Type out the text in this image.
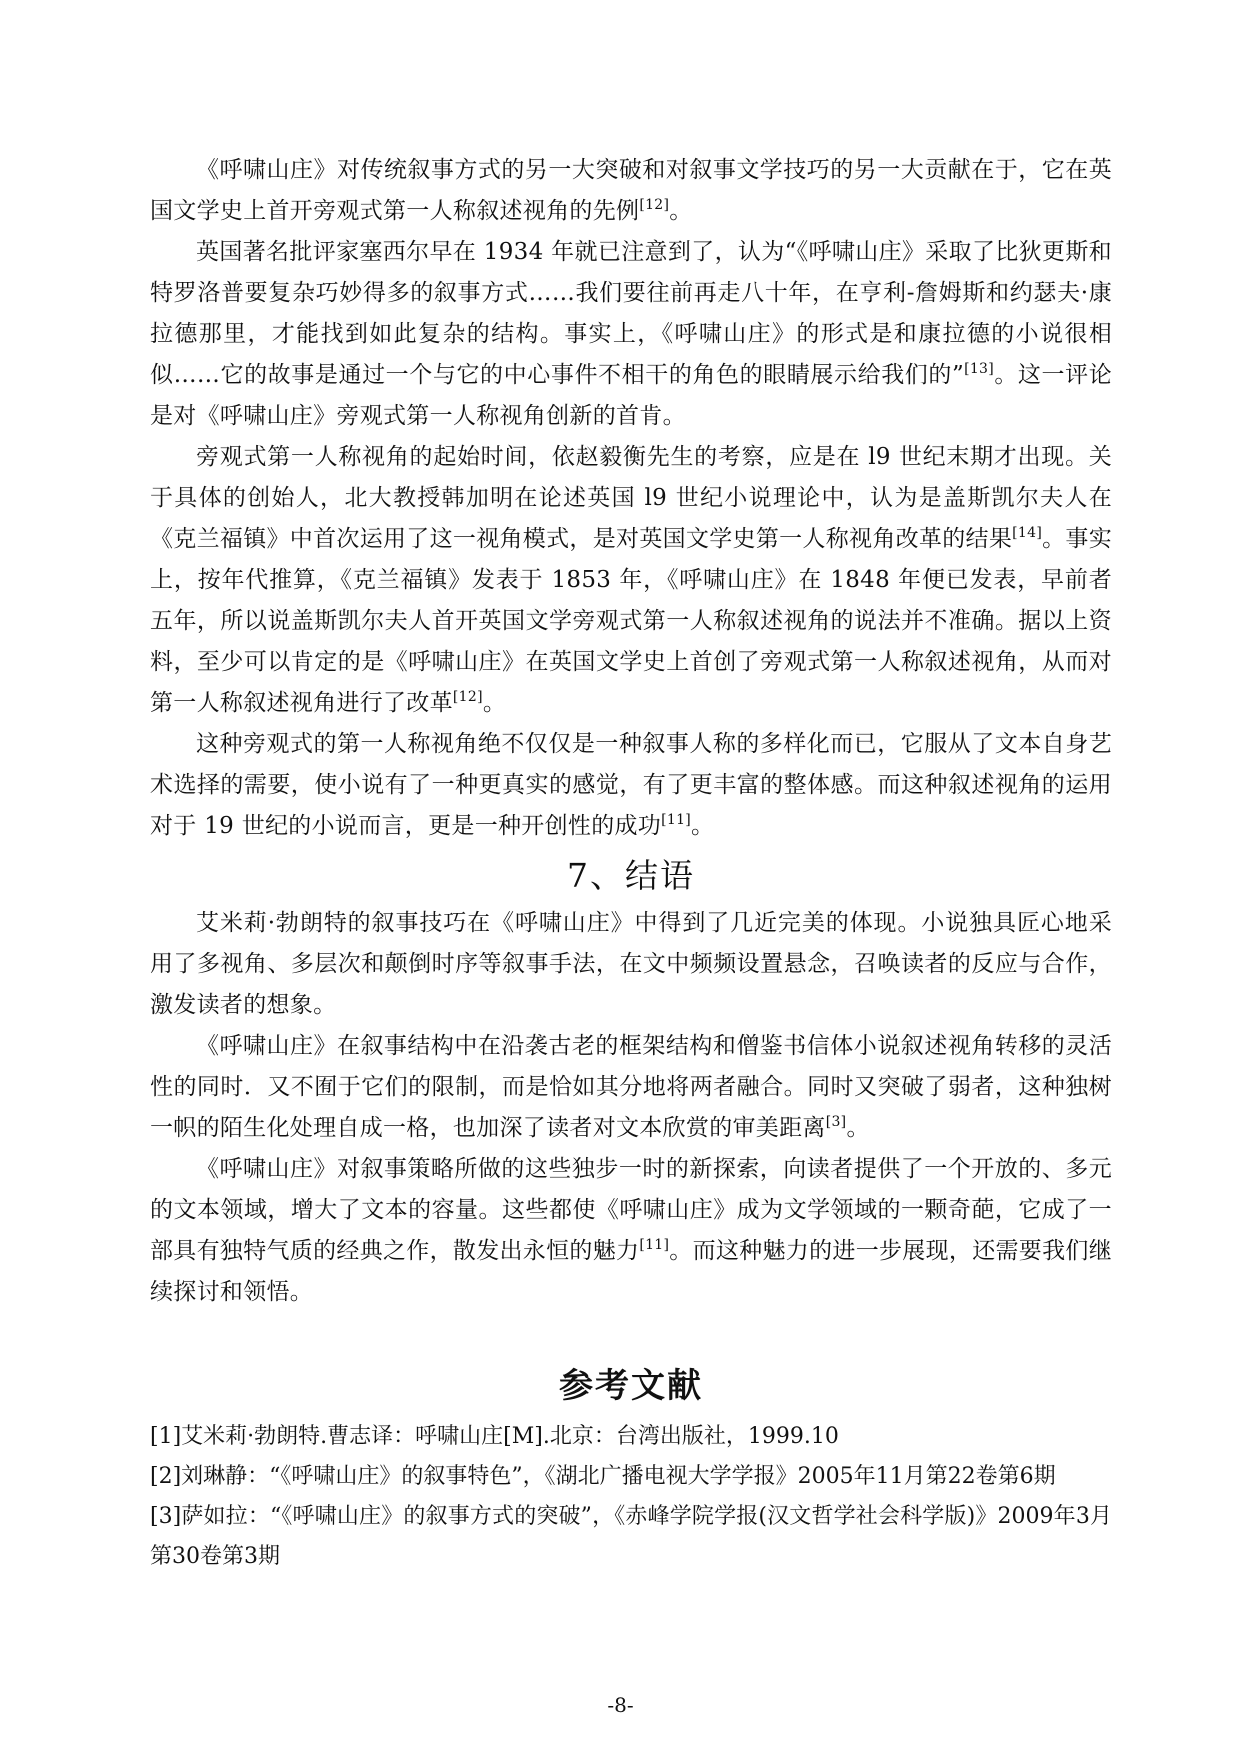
《呼啸山庄》对传统叙事方式的另一大突破和对叙事文学技巧的另一大贡献在于，它在英国文学史上首开旁观式第一人称叙述视角的先例[12]。

英国著名批评家塞西尔早在 1934 年就已注意到了，认为“《呼啸山庄》采取了比狄更斯和特罗洛普要复杂巧妙得多的叙事方式……我们要往前再走八十年，在亨利-詹姆斯和约瑟夫·康拉德那里，才能找到如此复杂的结构。事实上，《呼啸山庄》的形式是和康拉德的小说很相似……它的故事是通过一个与它的中心事件不相干的角色的眼睛展示给我们的”[13]。这一评论是对《呼啸山庄》旁观式第一人称视角创新的首肯。

旁观式第一人称视角的起始时间，依赵毅衡先生的考察，应是在 l9 世纪末期才出现。关于具体的创始人，北大教授韩加明在论述英国 l9 世纪小说理论中，认为是盖斯凯尔夫人在《克兰福镇》中首次运用了这一视角模式，是对英国文学史第一人称视角改革的结果[14]。事实上，按年代推算，《克兰福镇》发表于 1853 年，《呼啸山庄》在 1848 年便已发表，早前者五年，所以说盖斯凯尔夫人首开英国文学旁观式第一人称叙述视角的说法并不准确。据以上资料，至少可以肯定的是《呼啸山庄》在英国文学史上首创了旁观式第一人称叙述视角，从而对第一人称叙述视角进行了改革[12]。

这种旁观式的第一人称视角绝不仅仅是一种叙事人称的多样化而已，它服从了文本自身艺术选择的需要，使小说有了一种更真实的感觉，有了更丰富的整体感。而这种叙述视角的运用对于 19 世纪的小说而言，更是一种开创性的成功[11]。

7、结语

艾米莉·勃朗特的叙事技巧在《呼啸山庄》中得到了几近完美的体现。小说独具匠心地采用了多视角、多层次和颠倒时序等叙事手法，在文中频频设置悬念，召唤读者的反应与合作，激发读者的想象。

《呼啸山庄》在叙事结构中在沿袭古老的框架结构和僧鉴书信体小说叙述视角转移的灵活性的同时．又不囿于它们的限制，而是恰如其分地将两者融合。同时又突破了弱者，这种独树一帜的陌生化处理自成一格，也加深了读者对文本欣赏的审美距离[3]。

《呼啸山庄》对叙事策略所做的这些独步一时的新探索，向读者提供了一个开放的、多元的文本领域，增大了文本的容量。这些都使《呼啸山庄》成为文学领域的一颗奇葩，它成了一部具有独特气质的经典之作，散发出永恒的魅力[11]。而这种魅力的进一步展现，还需要我们继续探讨和领悟。

参考文献

[1]艾米莉·勃朗特.曹志译：呼啸山庄[M].北京：台湾出版社，1999.10

[2]刘琳静：“《呼啸山庄》的叙事特色”，《湖北广播电视大学学报》2005年11月第22卷第6期

[3]萨如拉：“《呼啸山庄》的叙事方式的突破”，《赤峰学院学报(汉文哲学社会科学版)》2009年3月第30卷第3期

-8-
